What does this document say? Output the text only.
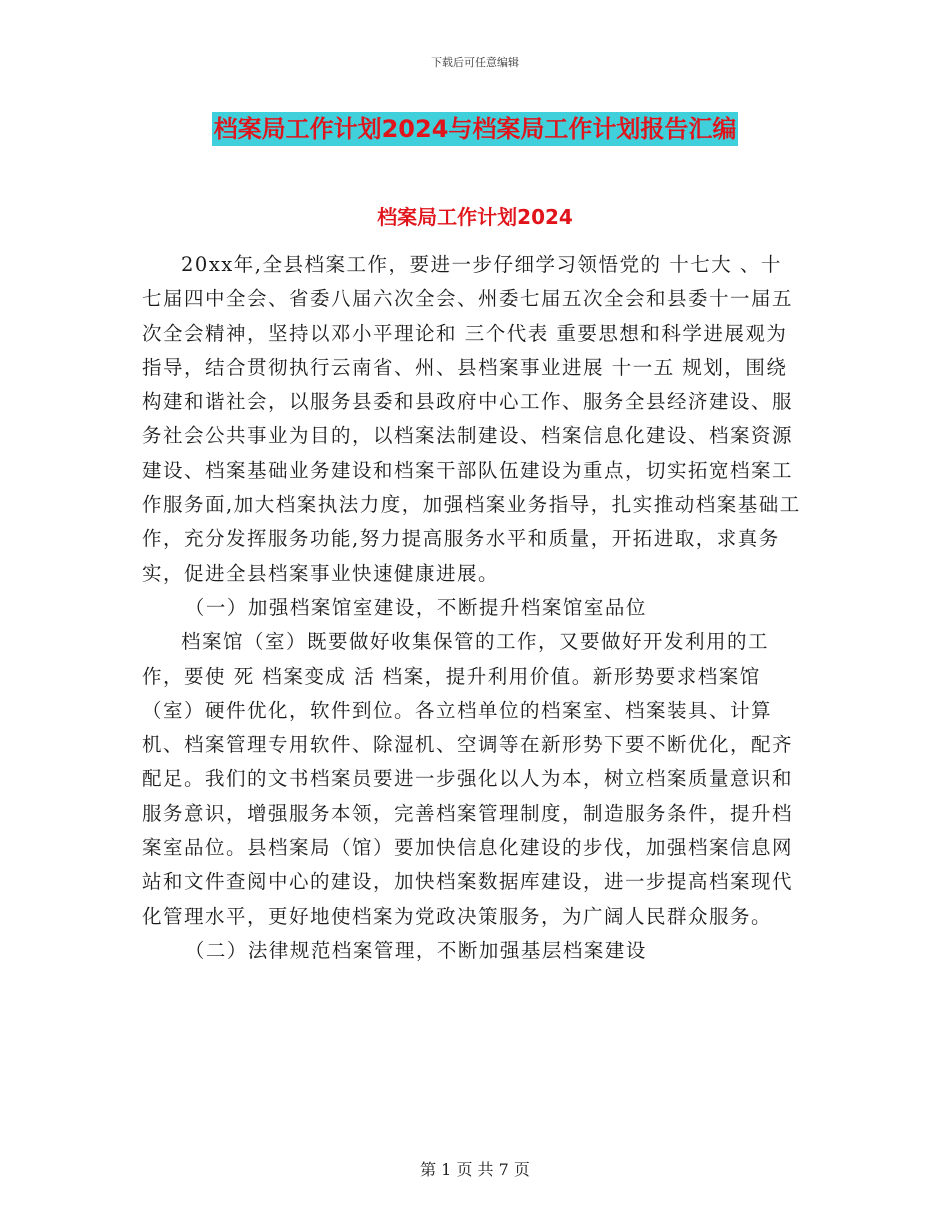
下载后可任意编辑
档案局工作计划2024与档案局工作计划报告汇编
档案局工作计划2024

20xx年,全县档案工作，要进一步仔细学习领悟党的 十七大 、十七届四中全会、省委八届六次全会、州委七届五次全会和县委十一届五次全会精神，坚持以邓小平理论和 三个代表 重要思想和科学进展观为指导，结合贯彻执行云南省、州、县档案事业进展 十一五 规划，围绕构建和谐社会，以服务县委和县政府中心工作、服务全县经济建设、服务社会公共事业为目的，以档案法制建设、档案信息化建设、档案资源建设、档案基础业务建设和档案干部队伍建设为重点，切实拓宽档案工作服务面,加大档案执法力度，加强档案业务指导，扎实推动档案基础工作，充分发挥服务功能,努力提高服务水平和质量，开拓进取，求真务实，促进全县档案事业快速健康进展。

（一）加强档案馆室建设，不断提升档案馆室品位

档案馆（室）既要做好收集保管的工作，又要做好开发利用的工作，要使 死 档案变成 活 档案，提升利用价值。新形势要求档案馆（室）硬件优化，软件到位。各立档单位的档案室、档案装具、计算机、档案管理专用软件、除湿机、空调等在新形势下要不断优化，配齐配足。我们的文书档案员要进一步强化以人为本，树立档案质量意识和服务意识，增强服务本领，完善档案管理制度，制造服务条件，提升档案室品位。县档案局（馆）要加快信息化建设的步伐，加强档案信息网站和文件查阅中心的建设，加快档案数据库建设，进一步提高档案现代化管理水平，更好地使档案为党政决策服务，为广阔人民群众服务。

（二）法律规范档案管理，不断加强基层档案建设

第 1 页 共 7 页
